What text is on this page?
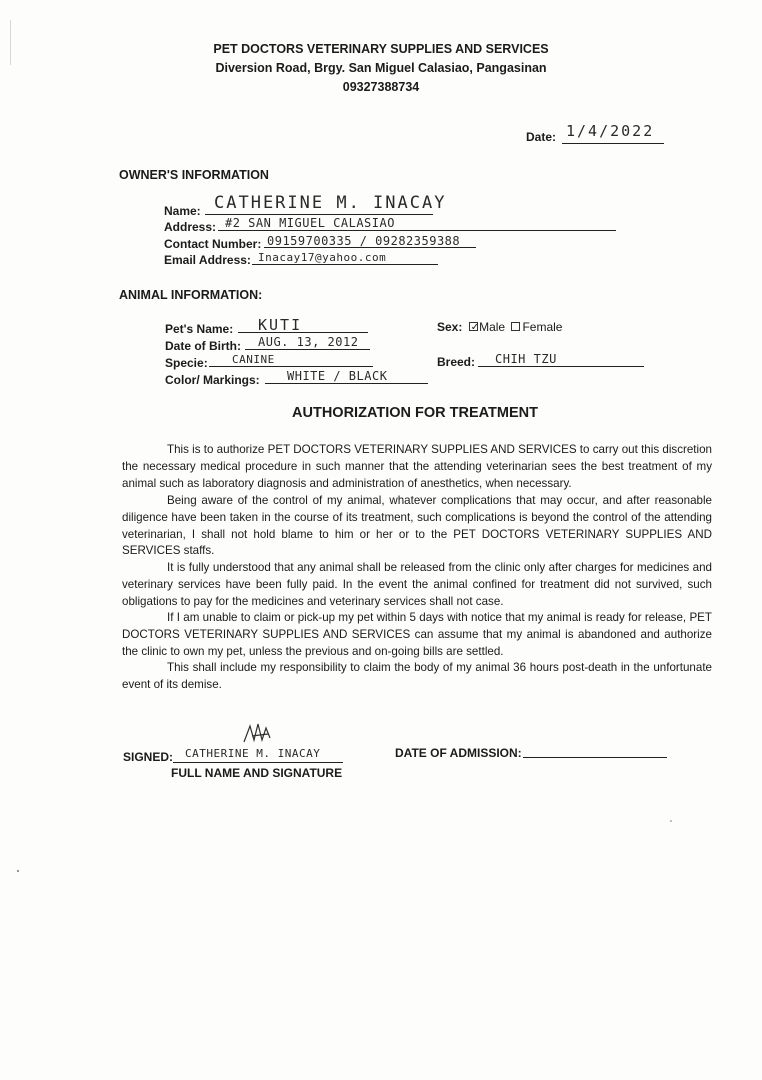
PET DOCTORS VETERINARY SUPPLIES AND SERVICES
Diversion Road, Brgy. San Miguel Calasiao, Pangasinan
09327388734
Date: 1/4/2022
OWNER'S INFORMATION
Name: CATHERINE M. INACAY
Address: #2 SAN MIGUEL CALASIAO
Contact Number: 09159700335 / 09282359388
Email Address: Inacay17@yahoo.com
ANIMAL INFORMATION:
Pet's Name: KUTI
Date of Birth: AUG. 13, 2012
Specie: CANINE
Color/ Markings: WHITE / BLACK
Sex: ✓Male Female
Breed: CHIH TZU
AUTHORIZATION FOR TREATMENT
This is to authorize PET DOCTORS VETERINARY SUPPLIES AND SERVICES to carry out this discretion the necessary medical procedure in such manner that the attending veterinarian sees the best treatment of my animal such as laboratory diagnosis and administration of anesthetics, when necessary.
Being aware of the control of my animal, whatever complications that may occur, and after reasonable diligence have been taken in the course of its treatment, such complications is beyond the control of the attending veterinarian, I shall not hold blame to him or her or to the PET DOCTORS VETERINARY SUPPLIES AND SERVICES staffs.
It is fully understood that any animal shall be released from the clinic only after charges for medicines and veterinary services have been fully paid. In the event the animal confined for treatment did not survived, such obligations to pay for the medicines and veterinary services shall not case.
If I am unable to claim or pick-up my pet within 5 days with notice that my animal is ready for release, PET DOCTORS VETERINARY SUPPLIES AND SERVICES can assume that my animal is abandoned and authorize the clinic to own my pet, unless the previous and on-going bills are settled.
This shall include my responsibility to claim the body of my animal 36 hours post-death in the unfortunate event of its demise.
SIGNED: CATHERINE M. INACAY
FULL NAME AND SIGNATURE
DATE OF ADMISSION:
